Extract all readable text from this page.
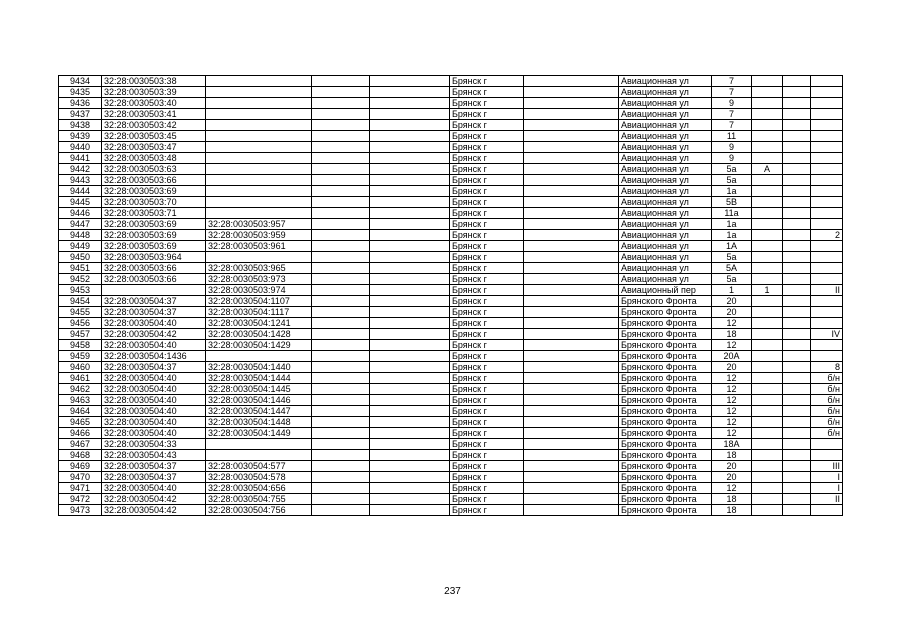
9434	32:28:0030503:38				Брянск г		Авиационная ул	7			
9435	32:28:0030503:39				Брянск г		Авиационная ул	7			
9436	32:28:0030503:40				Брянск г		Авиационная ул	9			
9437	32:28:0030503:41				Брянск г		Авиационная ул	7			
9438	32:28:0030503:42				Брянск г		Авиационная ул	7			
9439	32:28:0030503:45				Брянск г		Авиационная ул	11			
9440	32:28:0030503:47				Брянск г		Авиационная ул	9			
9441	32:28:0030503:48				Брянск г		Авиационная ул	9			
9442	32:28:0030503:63				Брянск г		Авиационная ул	5а	А		
9443	32:28:0030503:66				Брянск г		Авиационная ул	5а			
9444	32:28:0030503:69				Брянск г		Авиационная ул	1а			
9445	32:28:0030503:70				Брянск г		Авиационная ул	5В			
9446	32:28:0030503:71				Брянск г		Авиационная ул	11а			
9447	32:28:0030503:69	32:28:0030503:957			Брянск г		Авиационная ул	1а			
9448	32:28:0030503:69	32:28:0030503:959			Брянск г		Авиационная ул	1а			2
9449	32:28:0030503:69	32:28:0030503:961			Брянск г		Авиационная ул	1А			
9450	32:28:0030503:964				Брянск г		Авиационная ул	5а			
9451	32:28:0030503:66	32:28:0030503:965			Брянск г		Авиационная ул	5А			
9452	32:28:0030503:66	32:28:0030503:973			Брянск г		Авиационная ул	5а			
9453		32:28:0030503:974			Брянск г		Авиационный пер	1	1		II
9454	32:28:0030504:37	32:28:0030504:1107			Брянск г		Брянского Фронта	20			
9455	32:28:0030504:37	32:28:0030504:1117			Брянск г		Брянского Фронта	20			
9456	32:28:0030504:40	32:28:0030504:1241			Брянск г		Брянского Фронта	12			
9457	32:28:0030504:42	32:28:0030504:1428			Брянск г		Брянского Фронта	18			IV
9458	32:28:0030504:40	32:28:0030504:1429			Брянск г		Брянского Фронта	12			
9459	32:28:0030504:1436				Брянск г		Брянского Фронта	20А			
9460	32:28:0030504:37	32:28:0030504:1440			Брянск г		Брянского Фронта	20			8
9461	32:28:0030504:40	32:28:0030504:1444			Брянск г		Брянского Фронта	12			б/н
9462	32:28:0030504:40	32:28:0030504:1445			Брянск г		Брянского Фронта	12			б/н
9463	32:28:0030504:40	32:28:0030504:1446			Брянск г		Брянского Фронта	12			б/н
9464	32:28:0030504:40	32:28:0030504:1447			Брянск г		Брянского Фронта	12			б/н
9465	32:28:0030504:40	32:28:0030504:1448			Брянск г		Брянского Фронта	12			б/н
9466	32:28:0030504:40	32:28:0030504:1449			Брянск г		Брянского Фронта	12			б/н
9467	32:28:0030504:33				Брянск г		Брянского Фронта	18А			
9468	32:28:0030504:43				Брянск г		Брянского Фронта	18			
9469	32:28:0030504:37	32:28:0030504:577			Брянск г		Брянского Фронта	20			III
9470	32:28:0030504:37	32:28:0030504:578			Брянск г		Брянского Фронта	20			I
9471	32:28:0030504:40	32:28:0030504:656			Брянск г		Брянского Фронта	12			I
9472	32:28:0030504:42	32:28:0030504:755			Брянск г		Брянского Фронта	18			II
9473	32:28:0030504:42	32:28:0030504:756			Брянск г		Брянского Фронта	18			
237
